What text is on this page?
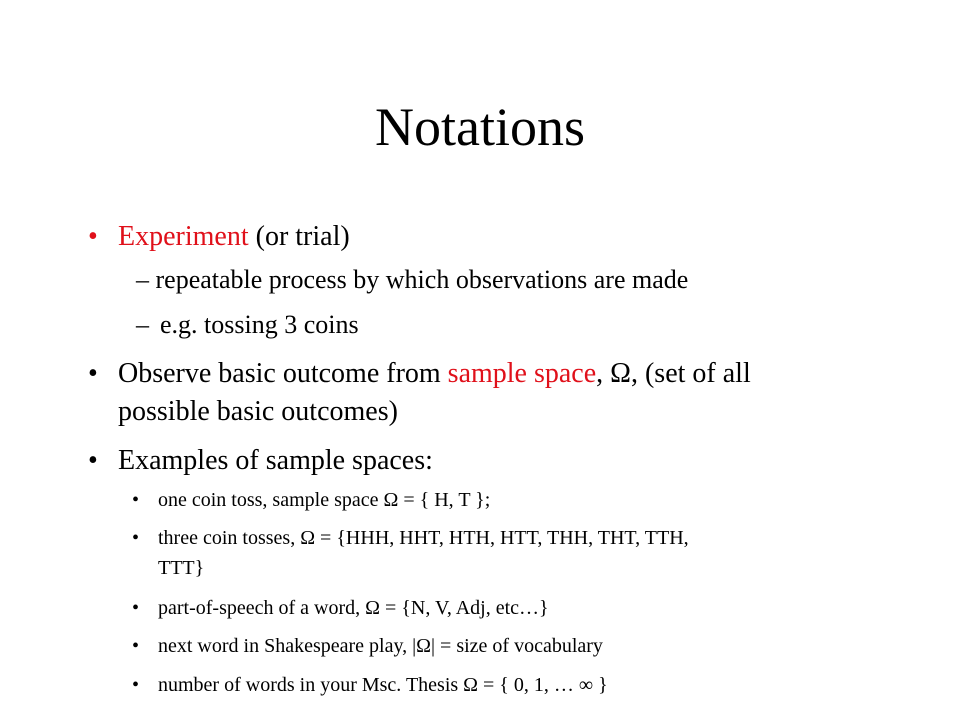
Notations
• Experiment (or trial)
– repeatable process by which observations are made
– e.g. tossing 3 coins
• Observe basic outcome from sample space, Ω, (set of all
possible basic outcomes)
• Examples of sample spaces:
• one coin toss, sample space Ω = { H, T };
• three coin tosses, Ω = {HHH, HHT, HTH, HTT, THH, THT, TTH,
TTT}
• part-of-speech of a word, Ω = {N, V, Adj, etc…}
• next word in Shakespeare play, |Ω| = size of vocabulary
• number of words in your Msc. Thesis Ω = { 0, 1, … ∞ }
